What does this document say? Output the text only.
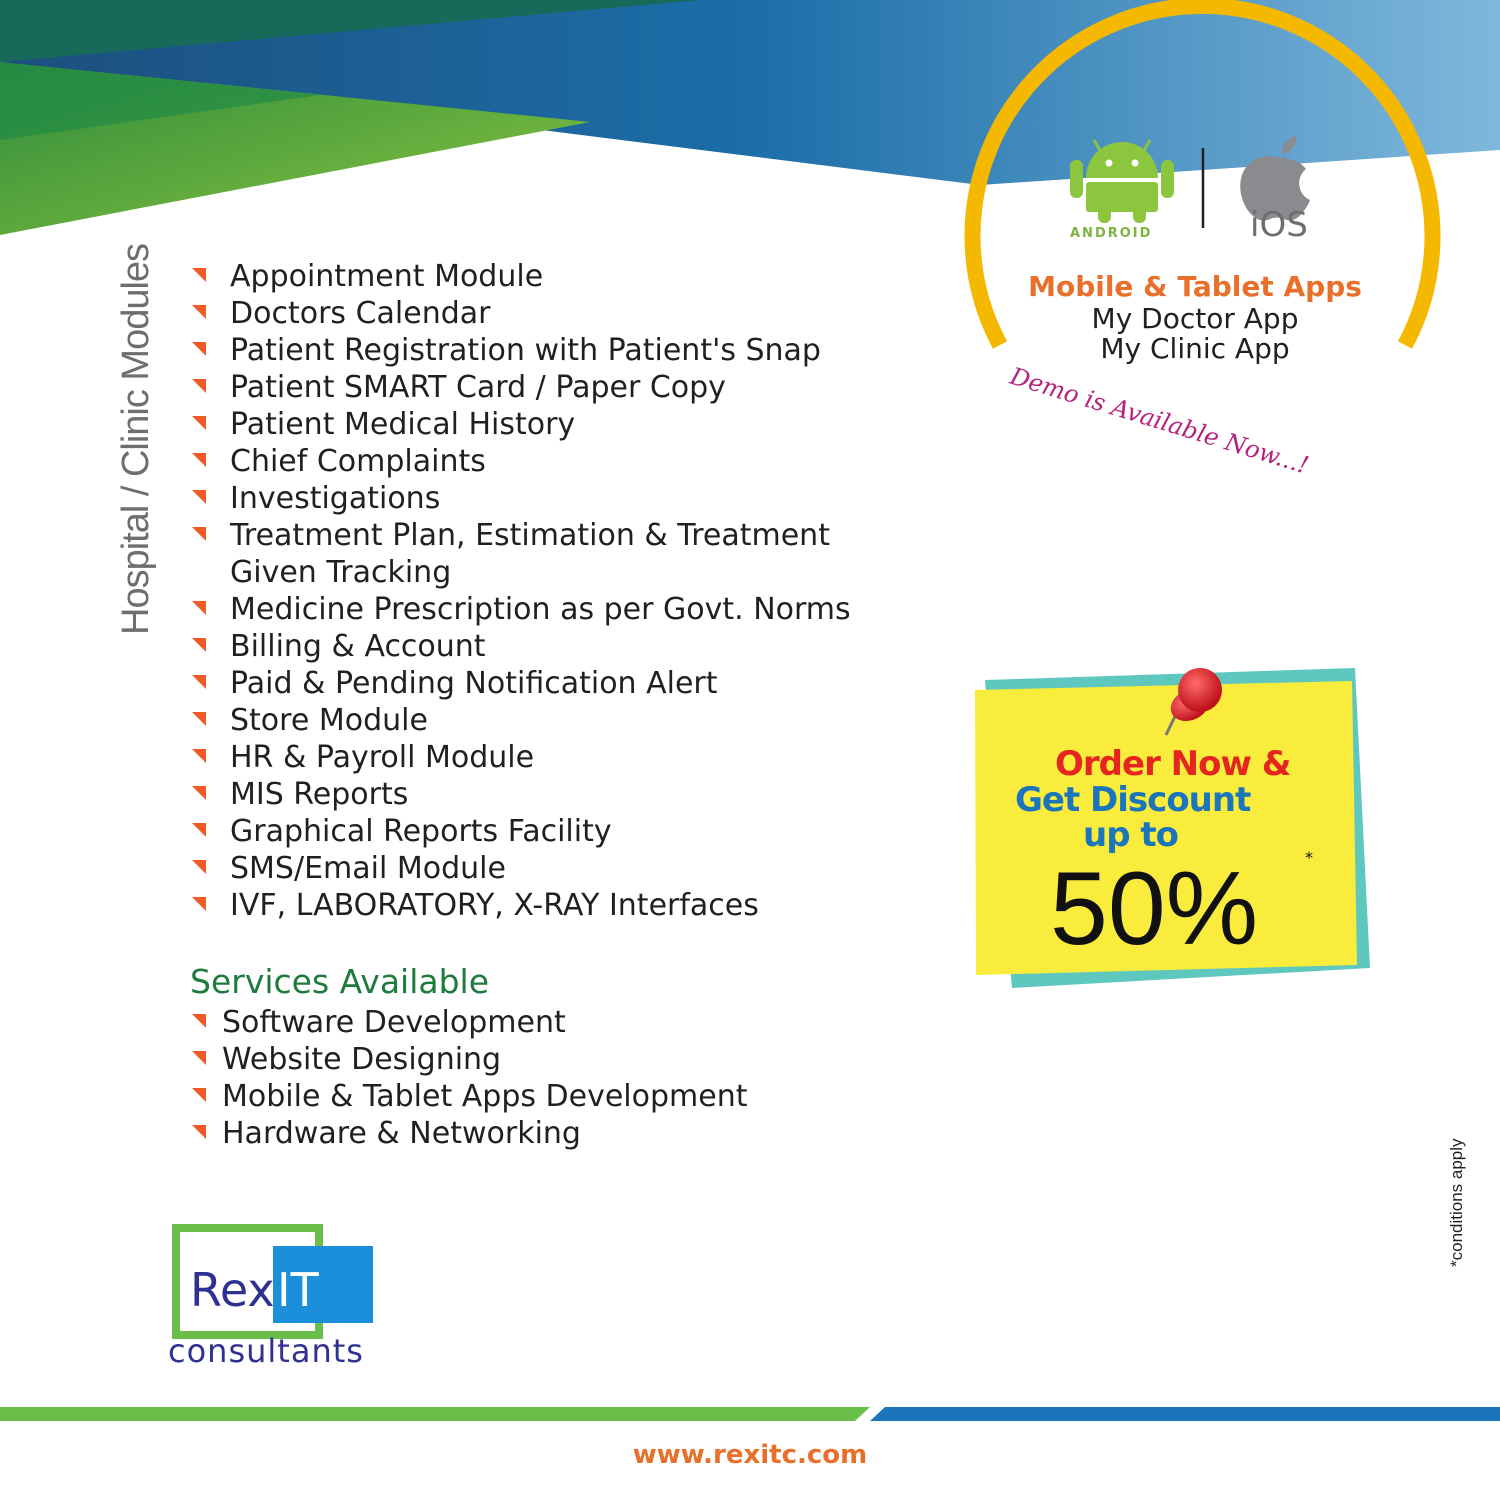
Hospital / Clinic Modules	Appointment Module
Doctors Calendar
Patient Registration with Patient's Snap
Patient SMART Card / Paper Copy
Patient Medical History
Chief Complaints
Investigations
Treatment Plan, Estimation & Treatment
Given Tracking
Medicine Prescription as per Govt. Norms
Billing & Account
Paid & Pending Notification Alert
Store Module
HR & Payroll Module
MIS Reports
Graphical Reports Facility
SMS/Email Module
IVF, LABORATORY, X-RAY Interfaces
Services Available
Software Development
Website Designing
Mobile & Tablet Apps Development
Hardware & Networking
ANDROID	iOS
Mobile & Tablet Apps
My Doctor App
My Clinic App
Demo is Available Now...!
Order Now &
Get Discount
up to
50%	*
*conditions apply
Rex IT
consultants
www.rexitc.com
